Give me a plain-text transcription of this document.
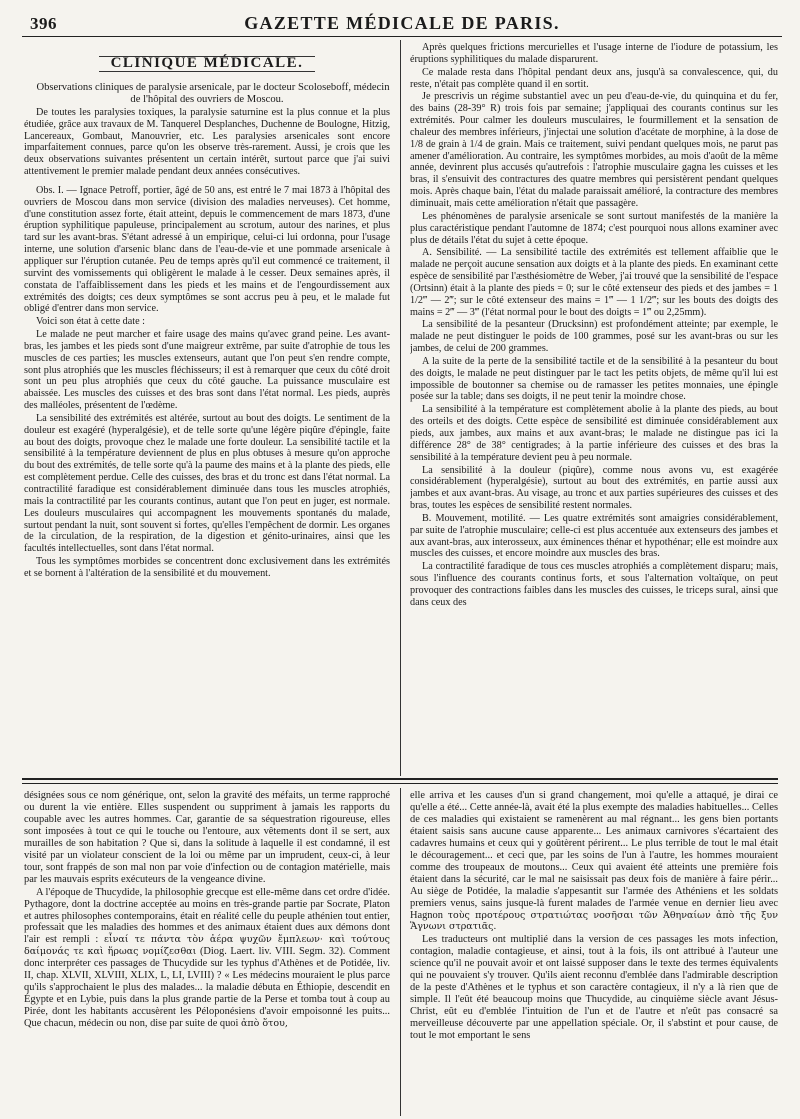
396	GAZETTE MÉDICALE DE PARIS.
CLINIQUE MÉDICALE.

Observations cliniques de paralysie arsenicale, par le docteur Scoloseboff, médecin de l'hôpital des ouvriers de Moscou.

De toutes les paralysies toxiques, la paralysie saturnine est la plus connue et la plus étudiée, grâce aux travaux de M. Tanquerel Desplanches, Duchenne de Boulogne, Hitzig, Lancereaux, Gombaut, Manouvrier, etc. Les paralysies arsenicales sont encore imparfaitement connues, parce qu'on les observe très-rarement. Aussi, je crois que les deux observations suivantes présentent un certain intérêt, surtout parce que j'ai suivi attentivement le premier malade pendant deux années consécutives.

Obs. I. — Ignace Petroff, portier, âgé de 50 ans, est entré le 7 mai 1873 à l'hôpital des ouvriers de Moscou dans mon service (division des maladies nerveuses). Cet homme, d'une constitution assez forte, était atteint, depuis le commencement de mars 1873, d'une éruption syphilitique papuleuse, principalement au scrotum, autour des narines, et plus tard sur les avant-bras. S'étant adressé à un empirique, celui-ci lui ordonna, pour l'usage interne, une solution d'arsenic blanc dans de l'eau-de-vie et une pommade arsenicale à appliquer sur l'éruption cutanée. Peu de temps après qu'il eut commencé ce traitement, il survint des vomissements qui obligèrent le malade à le cesser. Deux semaines après, il constata de l'affaiblissement dans les pieds et les mains et de l'engourdissement aux extrémités des doigts; ces deux symptômes se sont accrus peu à peu, et le malade fut obligé d'entrer dans mon service.

Voici son état à cette date :

Le malade ne peut marcher et faire usage des mains qu'avec grand peine. Les avant-bras, les jambes et les pieds sont d'une maigreur extrême, par suite d'atrophie de tous les muscles de ces parties; les muscles extenseurs, autant que l'on peut s'en rendre compte, sont plus atrophiés que les muscles fléchisseurs; il est à remarquer que ceux du côté droit sont un peu plus atrophiés que ceux du côté gauche. La puissance musculaire est abaissée. Les muscles des cuisses et des bras sont dans l'état normal. Les pieds, auprès des malléoles, présentent de l'œdème.

La sensibilité des extrémités est altérée, surtout au bout des doigts. Le sentiment de la douleur est exagéré (hyperalgésie), et de telle sorte qu'une légère piqûre d'épingle, faite au bout des doigts, provoque chez le malade une forte douleur. La sensibilité tactile et la sensibilité à la température deviennent de plus en plus obtuses à mesure qu'on approche du bout des extrémités, de telle sorte qu'à la paume des mains et à la plante des pieds, elle est complètement perdue. Celle des cuisses, des bras et du tronc est dans l'état normal. La contractilité faradique est considérablement diminuée dans tous les muscles atrophiés, mais la contractilité par les courants continus, autant que l'on peut en juger, est normale. Les douleurs musculaires qui accompagnent les mouvements spontanés du malade, surtout pendant la nuit, sont souvent si fortes, qu'elles l'empêchent de dormir. Les organes de la circulation, de la respiration, de la digestion et génito-urinaires, ainsi que les facultés intellectuelles, sont dans l'état normal.

Tous les symptômes morbides se concentrent donc exclusivement dans les extrémités et se bornent à l'altération de la sensibilité et du mouvement.

Après quelques frictions mercurielles et l'usage interne de l'iodure de potassium, les éruptions syphilitiques du malade disparurent.

Ce malade resta dans l'hôpital pendant deux ans, jusqu'à sa convalescence, qui, du reste, n'était pas complète quand il en sortit.

Je prescrivis un régime substantiel avec un peu d'eau-de-vie, du quinquina et du fer, des bains (28-39° R) trois fois par semaine; j'appliquai des courants continus sur les extrémités. Pour calmer les douleurs musculaires, le fourmillement et la sensation de chaleur des membres inférieurs, j'injectai une solution d'acétate de morphine, à la dose de 1/8 de grain à 1/4 de grain. Mais ce traitement, suivi pendant quelques mois, ne parut pas amener d'amélioration. Au contraire, les symptômes morbides, au mois d'août de la même année, devinrent plus accusés qu'autrefois : l'atrophie musculaire gagna les cuisses et les bras, il s'ensuivit des contractures des quatre membres qui persistèrent pendant quelques mois. Après chaque bain, l'état du malade paraissait amélioré, la contracture des membres diminuait, mais cette amélioration n'était que passagère.

Les phénomènes de paralysie arsenicale se sont surtout manifestés de la manière la plus caractéristique pendant l'automne de 1874; c'est pourquoi nous allons examiner avec plus de détails l'état du sujet à cette époque.

A. Sensibilité. — La sensibilité tactile des extrémités est tellement affaiblie que le malade ne perçoit aucune sensation aux doigts et à la plante des pieds. En examinant cette espèce de sensibilité par l'æsthésiomètre de Weber, j'ai trouvé que la sensibilité de l'espace (Ortsinn) était à la plante des pieds = 0; sur le côté extenseur des pieds et des jambes = 1 1/2‴ — 2‴; sur le côté extenseur des mains = 1‴ — 1 1/2‴; sur les bouts des doigts des mains = 2‴ — 3‴ (l'état normal pour le bout des doigts = 1‴ ou 2,25mm).

La sensibilité de la pesanteur (Drucksinn) est profondément atteinte; par exemple, le malade ne peut distinguer le poids de 100 grammes, posé sur les avant-bras ou sur les jambes, de celui de 200 grammes.

A la suite de la perte de la sensibilité tactile et de la sensibilité à la pesanteur du bout des doigts, le malade ne peut distinguer par le tact les petits objets, de même qu'il lui est impossible de boutonner sa chemise ou de ramasser les petites monnaies, une épingle posée sur la table; dans ses doigts, il ne peut tenir la moindre chose.

La sensibilité à la température est complètement abolie à la plante des pieds, au bout des orteils et des doigts. Cette espèce de sensibilité est diminuée considérablement aux pieds, aux jambes, aux mains et aux avant-bras; le malade ne distingue pas ici la différence 28° de 38° centigrades; à la partie inférieure des cuisses et des bras la sensibilité à la température devient peu à peu normale.

La sensibilité à la douleur (piqûre), comme nous avons vu, est exagérée considérablement (hyperalgésie), surtout au bout des extrémités, en partie aussi aux jambes et aux avant-bras. Au visage, au tronc et aux parties supérieures des cuisses et des bras, toutes les espèces de sensibilité restent normales.

B. Mouvement, motilité. — Les quatre extrémités sont amaigries considérablement, par suite de l'atrophie musculaire; celle-ci est plus accentuée aux extenseurs des jambes et aux avant-bras, aux interosseux, aux éminences thénar et hypothénar; elle est moindre aux muscles des cuisses, et encore moindre aux muscles des bras.

La contractilité faradique de tous ces muscles atrophiés a complètement disparu; mais, sous l'influence des courants continus forts, et sous l'alternation voltaïque, on peut provoquer des contractions faibles dans les muscles des cuisses, le triceps sural, ainsi que dans ceux des

désignées sous ce nom générique, ont, selon la gravité des méfaits, un terme rapproché ou durent la vie entière. Elles suspendent ou suppriment à jamais les rapports du coupable avec les autres hommes. Car, garantie de sa séquestration rigoureuse, elles sont imposées à tout ce qui le touche ou l'entoure, aux vêtements dont il se sert, aux murailles de son habitation ? Que si, dans la solitude à laquelle il est condamné, il est visité par un violateur conscient de la loi ou même par un imprudent, ceux-ci, à leur tour, sont frappés de son mal non par voie d'infection ou de contagion matérielle, mais par les mauvais esprits exécuteurs de la vengeance divine.

A l'époque de Thucydide, la philosophie grecque est elle-même dans cet ordre d'idée. Pythagore, dont la doctrine acceptée au moins en très-grande partie par Socrate, Platon et autres philosophes contemporains, était en réalité celle du peuple athénien tout entier, professait que les maladies des hommes et des animaux étaient dues aux démons dont l'air est rempli : εἶναί τε πάντα τὸν ἀέρα ψυχῶν ἔμπλεων· καὶ τούτους δαίμονάς τε καὶ ἥρωας νομίζεσθαι (Diog. Laert. liv. VIII. Segm. 32). Comment donc interpréter ces passages de Thucydide sur les typhus d'Athènes et de Potidée, liv. II, chap. XLVII, XLVIII, XLIX, L, LI, LVIII) ? « Les médecins mouraient le plus parce qu'ils s'approchaient le plus des malades... la maladie débuta en Éthiopie, descendit en Égypte et en Lybie, puis dans la plus grande partie de la Perse et tomba tout à coup au Pirée, dont les habitants accusèrent les Péloponésiens d'avoir empoisonné les puits... Que chacun, médecin ou non, dise par suite de quoi ἀπὸ ὅτου,

elle arriva et les causes d'un si grand changement, moi qu'elle a attaqué, je dirai ce qu'elle a été... Cette année-là, avait été la plus exempte des maladies habituelles... Celles de ces maladies qui existaient se ramenèrent au mal régnant... les gens bien portants étaient saisis sans aucune cause apparente... Les animaux carnivores s'écartaient des cadavres humains et ceux qui y goûtèrent périrent... Le plus terrible de tout le mal était le découragement... et ceci que, par les soins de l'un à l'autre, les hommes mouraient comme des troupeaux de moutons... Ceux qui avaient été atteints une première fois étaient dans la sécurité, car le mal ne saisissait pas deux fois de manière à faire périr... Au siège de Potidée, la maladie s'appesantit sur l'armée des Athéniens et les soldats premiers venus, sains jusque-là furent malades de l'armée venue en dernier lieu avec Hagnon τοὺς προτέρους στρατιώτας νοσῆσαι τῶν Ἀθηναίων ἀπὸ τῆς ξυν Ἅγνωνι στρατιᾶς.

Les traducteurs ont multiplié dans la version de ces passages les mots infection, contagion, maladie contagieuse, et ainsi, tout à la fois, ils ont attribué à l'auteur une science qu'il ne pouvait avoir et ont laissé supposer dans le texte des termes équivalents qui ne pouvaient s'y trouver. Qu'ils aient reconnu d'emblée dans l'admirable description de la peste d'Athènes et le typhus et son caractère contagieux, il n'y a là rien que de simple. Il l'eût été beaucoup moins que Thucydide, au cinquième siècle avant Jésus-Christ, eût eu d'emblée l'intuition de l'un et de l'autre et n'eût pas consacré sa merveilleuse découverte par une appellation spéciale. Or, il s'abstint et pour cause, de tout le mot emportant le sens
